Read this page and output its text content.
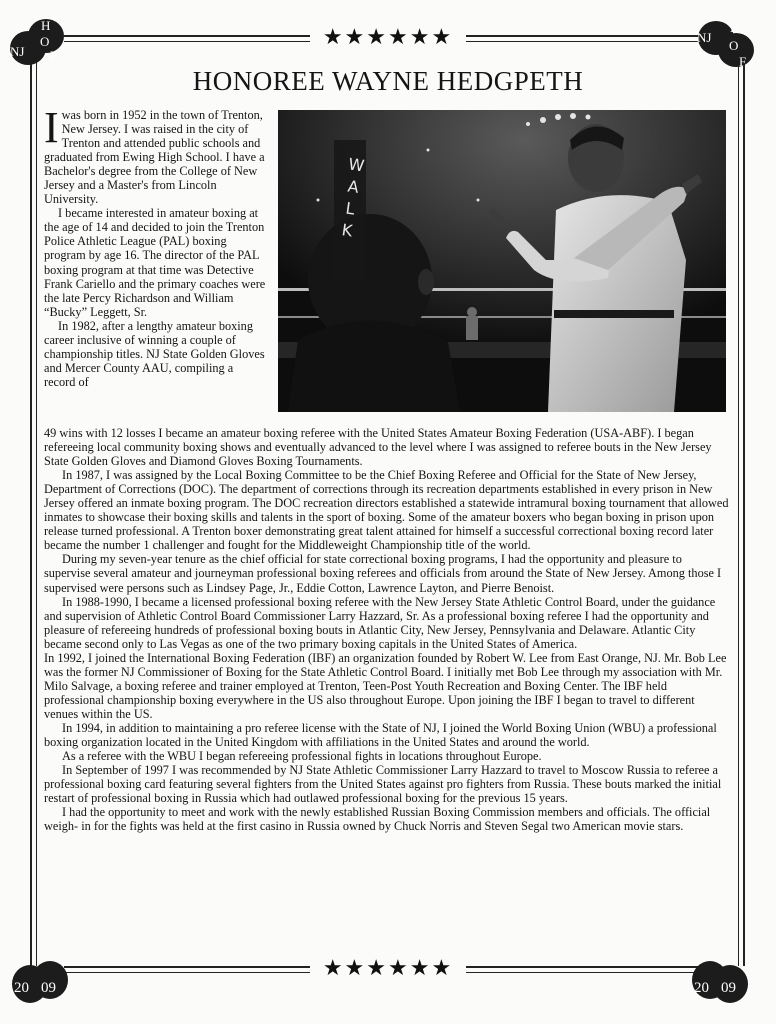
★★★★★★
★★★★★★
NJ
H
O
F
NJ
H
O
F
20 09	20 09
HONOREE WAYNE HEDGPETH
I was born in 1952 in the town of Trenton, New Jersey. I was raised in the city of Trenton and attended public schools and graduated from Ewing High School. I have a Bachelor's degree from the College of New Jersey and a Master's from Lincoln University.

I became interested in amateur boxing at the age of 14 and decided to join the Trenton Police Athletic League (PAL) boxing program by age 16. The director of the PAL boxing program at that time was Detective Frank Cariello and the primary coaches were the late Percy Richardson and William “Bucky” Leggett, Sr.

In 1982, after a lengthy amateur boxing career inclusive of winning a couple of championship titles. NJ State Golden Gloves and Mercer County AAU, compiling a record of

WALK

49 wins with 12 losses I became an amateur boxing referee with the United States Amateur Boxing Federation (USA-ABF). I began refereeing local community boxing shows and eventually advanced to the level where I was assigned to referee bouts in the New Jersey State Golden Gloves and Diamond Gloves Boxing Tournaments.

In 1987, I was assigned by the Local Boxing Committee to be the Chief Boxing Referee and Official for the State of New Jersey, Department of Corrections (DOC). The department of corrections through its recreation departments established in every prison in New Jersey offered an inmate boxing program. The DOC recreation directors established a statewide intramural boxing tournament that allowed inmates to showcase their boxing skills and talents in the sport of boxing. Some of the amateur boxers who began boxing in prison upon release turned professional. A Trenton boxer demonstrating great talent attained for himself a successful correctional boxing record later became the number 1 challenger and fought for the Middleweight Championship title of the world.

During my seven-year tenure as the chief official for state correctional boxing programs, I had the opportunity and pleasure to supervise several amateur and journeyman professional boxing referees and officials from around the State of New Jersey. Among those I supervised were persons such as Lindsey Page, Jr., Eddie Cotton, Lawrence Layton, and Pierre Benoist.

In 1988-1990, I became a licensed professional boxing referee with the New Jersey State Athletic Control Board, under the guidance and supervision of Athletic Control Board Commissioner Larry Hazzard, Sr. As a professional boxing referee I had the opportunity and pleasure of refereeing hundreds of professional boxing bouts in Atlantic City, New Jersey, Pennsylvania and Delaware. Atlantic City became second only to Las Vegas as one of the two primary boxing capitals in the United States of America.

In 1992, I joined the International Boxing Federation (IBF) an organization founded by Robert W. Lee from East Orange, NJ. Mr. Bob Lee was the former NJ Commissioner of Boxing for the State Athletic Control Board. I initially met Bob Lee through my association with Mr. Milo Salvage, a boxing referee and trainer employed at Trenton, Teen-Post Youth Recreation and Boxing Center. The IBF held professional championship boxing everywhere in the US also throughout Europe. Upon joining the IBF I began to travel to different venues within the US.

In 1994, in addition to maintaining a pro referee license with the State of NJ, I joined the World Boxing Union (WBU) a professional boxing organization located in the United Kingdom with affiliations in the United States and around the world.

As a referee with the WBU I began refereeing professional fights in locations throughout Europe.

In September of 1997 I was recommended by NJ State Athletic Commissioner Larry Hazzard to travel to Moscow Russia to referee a professional boxing card featuring several fighters from the United States against pro fighters from Russia. These bouts marked the initial restart of professional boxing in Russia which had outlawed professional boxing for the previous 15 years.

I had the opportunity to meet and work with the newly established Russian Boxing Commission members and officials. The official weigh- in for the fights was held at the first casino in Russia owned by Chuck Norris and Steven Segal two American movie stars.
